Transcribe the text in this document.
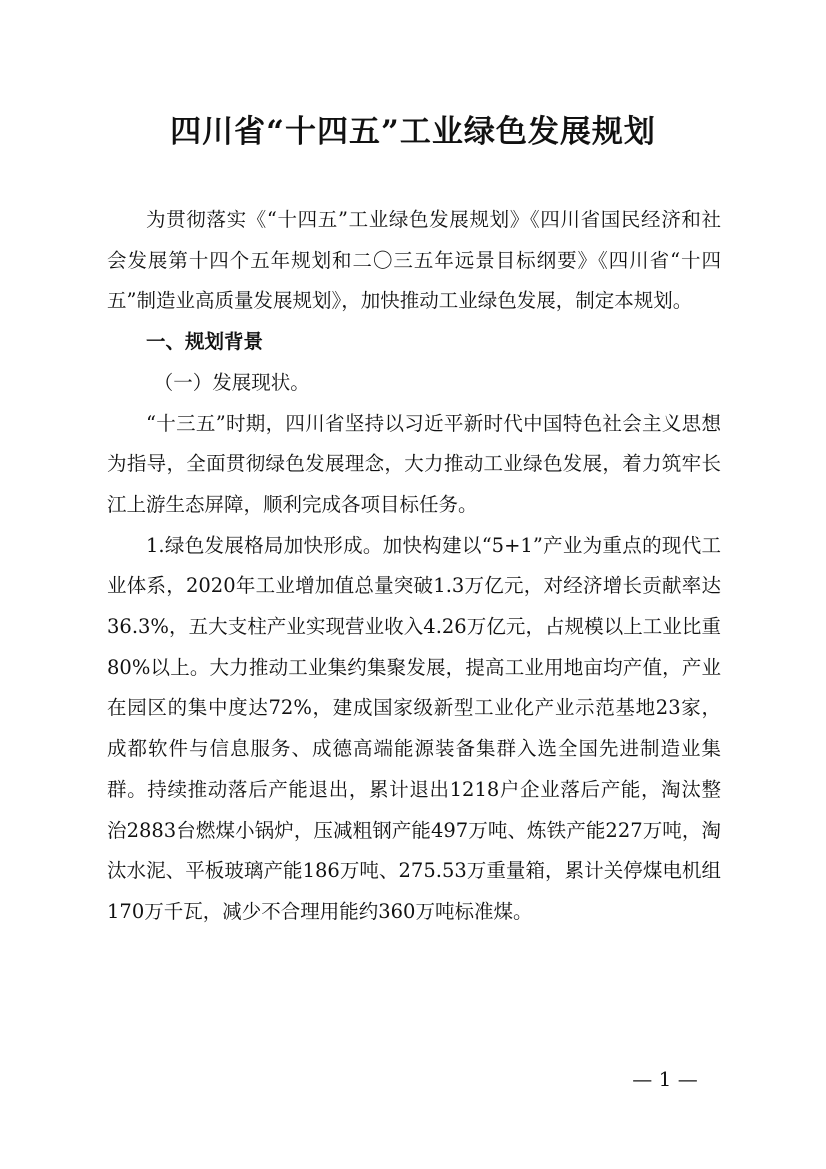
四川省“十四五”工业绿色发展规划

为贯彻落实《“十四五”工业绿色发展规划》《四川省国民经济和社会发展第十四个五年规划和二〇三五年远景目标纲要》《四川省“十四五”制造业高质量发展规划》，加快推动工业绿色发展，制定本规划。

一、规划背景

（一）发展现状。

“十三五”时期，四川省坚持以习近平新时代中国特色社会主义思想为指导，全面贯彻绿色发展理念，大力推动工业绿色发展，着力筑牢长江上游生态屏障，顺利完成各项目标任务。

1.绿色发展格局加快形成。加快构建以“5+1”产业为重点的现代工业体系，2020年工业增加值总量突破1.3万亿元，对经济增长贡献率达36.3%，五大支柱产业实现营业收入4.26万亿元，占规模以上工业比重80%以上。大力推动工业集约集聚发展，提高工业用地亩均产值，产业在园区的集中度达72%，建成国家级新型工业化产业示范基地23家，成都软件与信息服务、成德高端能源装备集群入选全国先进制造业集群。持续推动落后产能退出，累计退出1218户企业落后产能，淘汰整治2883台燃煤小锅炉，压减粗钢产能497万吨、炼铁产能227万吨，淘汰水泥、平板玻璃产能186万吨、275.53万重量箱，累计关停煤电机组170万千瓦，减少不合理用能约360万吨标准煤。

— 1 —
